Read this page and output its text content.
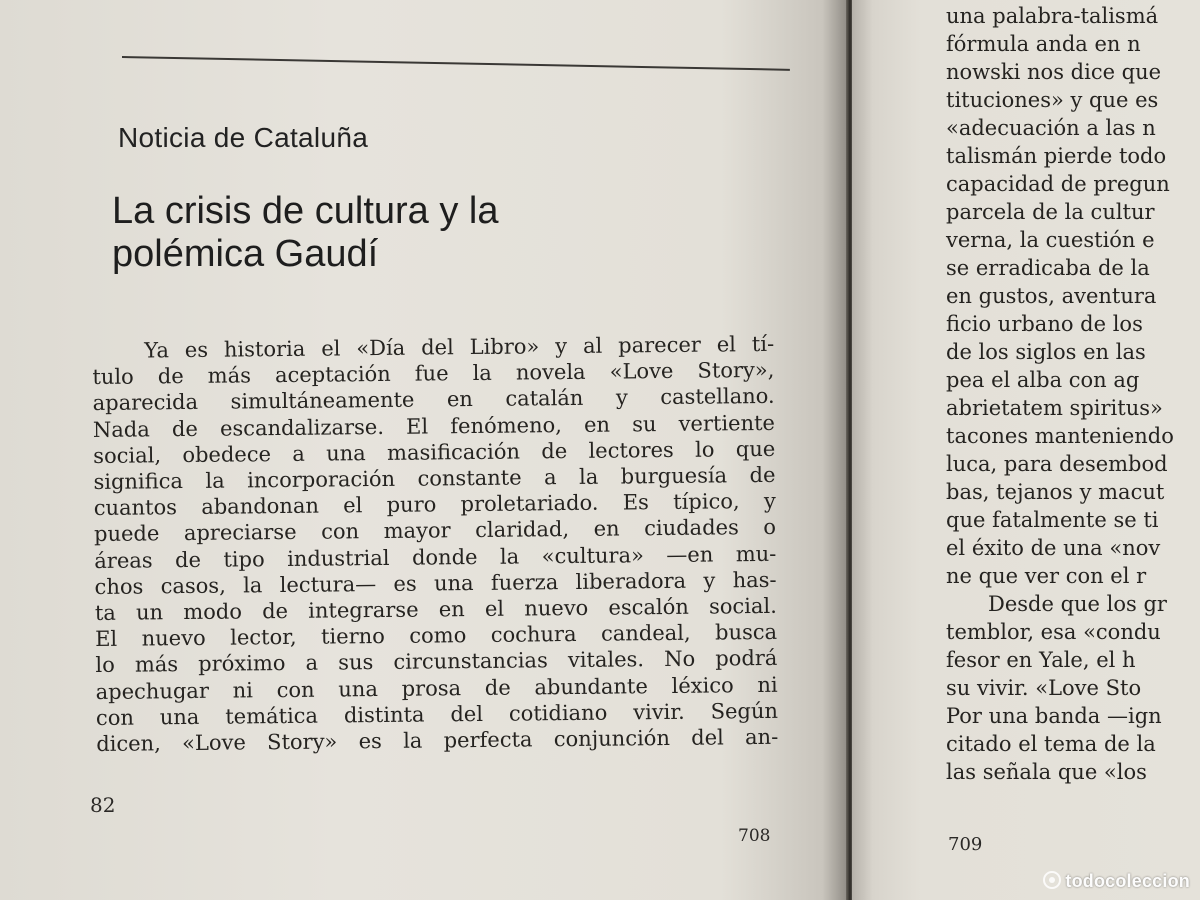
Noticia de Cataluña
La crisis de cultura y la
polémica Gaudí
Ya es historia el «Día del Libro» y al parecer el tí-
tulo de más aceptación fue la novela «Love Story»,
aparecida simultáneamente en catalán y castellano.
Nada de escandalizarse. El fenómeno, en su vertiente
social, obedece a una masificación de lectores lo que
significa la incorporación constante a la burguesía de
cuantos abandonan el puro proletariado. Es típico, y
puede apreciarse con mayor claridad, en ciudades o
áreas de tipo industrial donde la «cultura» —en mu-
chos casos, la lectura— es una fuerza liberadora y has-
ta un modo de integrarse en el nuevo escalón social.
El nuevo lector, tierno como cochura candeal, busca
lo más próximo a sus circunstancias vitales. No podrá
apechugar ni con una prosa de abundante léxico ni
con una temática distinta del cotidiano vivir. Según
dicen, «Love Story» es la perfecta conjunción del an-
82
708
una palabra-talismá
fórmula anda en n
nowski nos dice que
tituciones» y que es
«adecuación a las n
talismán pierde todo
capacidad de pregun
parcela de la cultur
verna, la cuestión e
se erradicaba de la
en gustos, aventura
ficio urbano de los
de los siglos en las
pea el alba con ag
abrietatem spiritus»
tacones manteniendo
luca, para desembod
bas, tejanos y macut
que fatalmente se ti
el éxito de una «nov
ne que ver con el r
Desde que los gr
temblor, esa «condu
fesor en Yale, el h
su vivir. «Love Sto
Por una banda —ign
citado el tema de la
las señala que «los
709
todocoleccion
